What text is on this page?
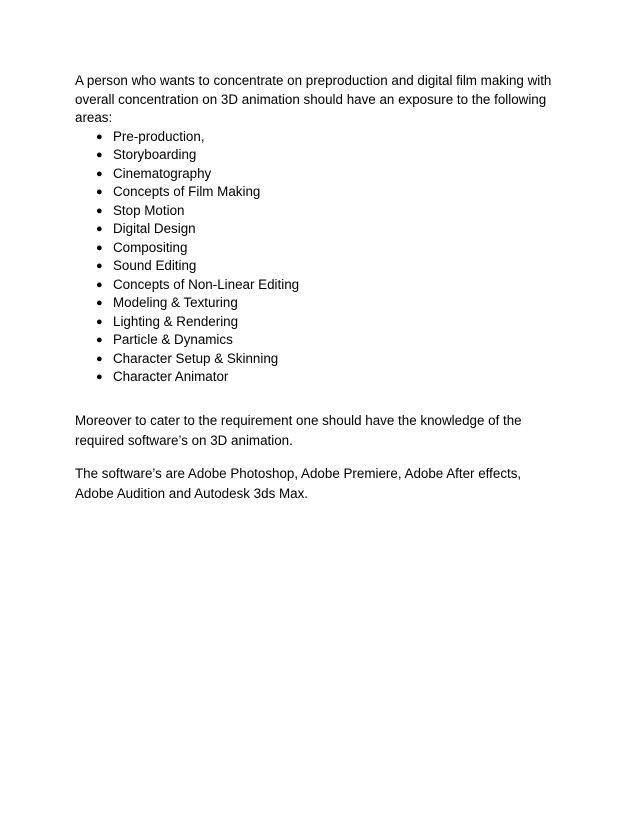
A person who wants to concentrate on preproduction and digital film making with overall concentration on 3D animation should have an exposure to the following areas:

● Pre-production,
● Storyboarding
● Cinematography
● Concepts of Film Making
● Stop Motion
● Digital Design
● Compositing
● Sound Editing
● Concepts of Non-Linear Editing
● Modeling & Texturing
● Lighting & Rendering
● Particle & Dynamics
● Character Setup & Skinning
● Character Animator

Moreover to cater to the requirement one should have the knowledge of the required software’s on 3D animation.

The software’s are Adobe Photoshop, Adobe Premiere, Adobe After effects, Adobe Audition and Autodesk 3ds Max.
